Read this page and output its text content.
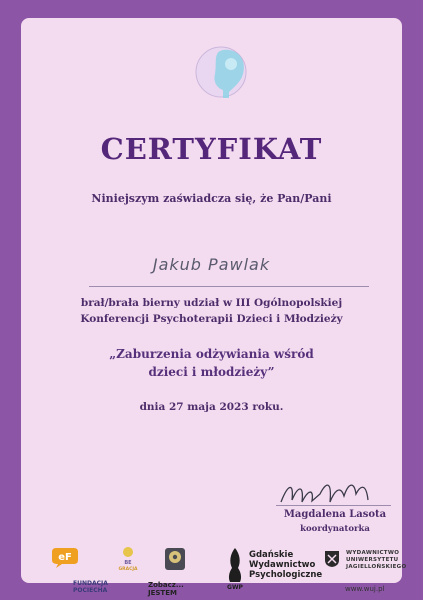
CERTYFIKAT
Niniejszym zaświadcza się, że Pan/Pani
Jakub Pawlak
brał/brała bierny udział w III Ogólnopolskiej
Konferencji Psychoterapii Dzieci i Młodzieży
„Zaburzenia odżywiania wśród
dzieci i młodzieży”
dnia 27 maja 2023 roku.
Magdalena Lasota
koordynatorka
eF
FUNDACJA POCIECHA
BE
GRACJA
Zobacz... JESTEM
GWP
Gdańskie Wydawnictwo Psychologiczne
WYDAWNICTWO UNIWERSYTETU JAGIELLOŃSKIEGO
www.wuj.pl
